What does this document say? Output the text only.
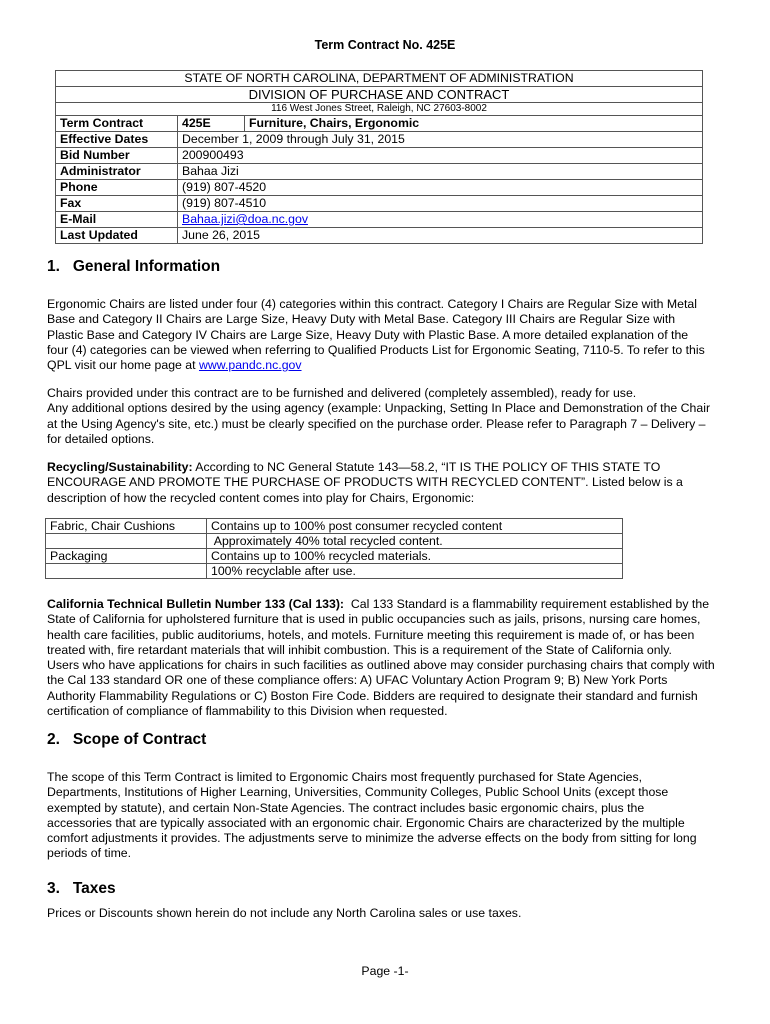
Term Contract No. 425E
STATE OF NORTH CAROLINA, DEPARTMENT OF ADMINISTRATION		
DIVISION OF PURCHASE AND CONTRACT		
116 West Jones Street, Raleigh, NC 27603-8002		
Term Contract	425E	Furniture, Chairs, Ergonomic
Effective Dates	December 1, 2009 through July 31, 2015	
Bid Number	200900493	
Administrator	Bahaa Jizi	
Phone	(919) 807-4520	
Fax	(919) 807-4510	
E-Mail	Bahaa.jizi@doa.nc.gov	
Last Updated	June 26, 2015	
1.   General Information
Ergonomic Chairs are listed under four (4) categories within this contract. Category I Chairs are Regular Size with Metal
Base and Category II Chairs are Large Size, Heavy Duty with Metal Base. Category III Chairs are Regular Size with
Plastic Base and Category IV Chairs are Large Size, Heavy Duty with Plastic Base. A more detailed explanation of the
four (4) categories can be viewed when referring to Qualified Products List for Ergonomic Seating, 7110-5. To refer to this
QPL visit our home page at www.pandc.nc.gov
Chairs provided under this contract are to be furnished and delivered (completely assembled), ready for use.
Any additional options desired by the using agency (example: Unpacking, Setting In Place and Demonstration of the Chair
at the Using Agency's site, etc.) must be clearly specified on the purchase order. Please refer to Paragraph 7 – Delivery –
for detailed options.
Recycling/Sustainability: According to NC General Statute 143—58.2, “IT IS THE POLICY OF THIS STATE TO
ENCOURAGE AND PROMOTE THE PURCHASE OF PRODUCTS WITH RECYCLED CONTENT”. Listed below is a
description of how the recycled content comes into play for Chairs, Ergonomic:
Fabric, Chair Cushions	Contains up to 100% post consumer recycled content
	Approximately 40% total recycled content.
Packaging	Contains up to 100% recycled materials.
	100% recyclable after use.
California Technical Bulletin Number 133 (Cal 133):  Cal 133 Standard is a flammability requirement established by the
State of California for upholstered furniture that is used in public occupancies such as jails, prisons, nursing care homes,
health care facilities, public auditoriums, hotels, and motels. Furniture meeting this requirement is made of, or has been
treated with, fire retardant materials that will inhibit combustion. This is a requirement of the State of California only.
Users who have applications for chairs in such facilities as outlined above may consider purchasing chairs that comply with
the Cal 133 standard OR one of these compliance offers: A) UFAC Voluntary Action Program 9; B) New York Ports
Authority Flammability Regulations or C) Boston Fire Code. Bidders are required to designate their standard and furnish
certification of compliance of flammability to this Division when requested.
2.   Scope of Contract
The scope of this Term Contract is limited to Ergonomic Chairs most frequently purchased for State Agencies,
Departments, Institutions of Higher Learning, Universities, Community Colleges, Public School Units (except those
exempted by statute), and certain Non-State Agencies. The contract includes basic ergonomic chairs, plus the
accessories that are typically associated with an ergonomic chair. Ergonomic Chairs are characterized by the multiple
comfort adjustments it provides. The adjustments serve to minimize the adverse effects on the body from sitting for long
periods of time.
3.   Taxes
Prices or Discounts shown herein do not include any North Carolina sales or use taxes.
Page -1-
